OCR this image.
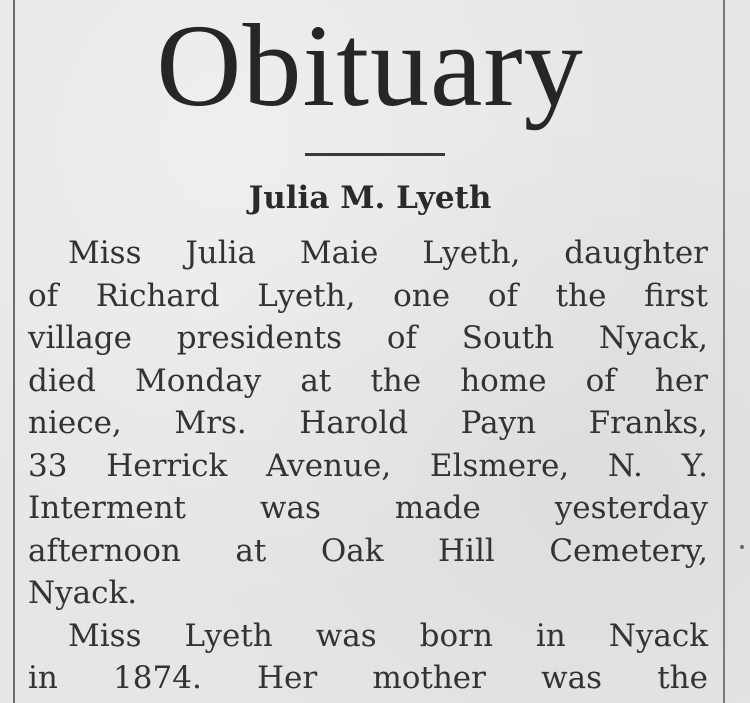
Obituary
Julia M. Lyeth
Miss Julia Maie Lyeth, daughter
of Richard Lyeth, one of the first
village presidents of South Nyack,
died Monday at the home of her
niece, Mrs. Harold Payn Franks,
33 Herrick Avenue, Elsmere, N. Y.
Interment was made yesterday
afternoon at Oak Hill Cemetery,
Nyack.
Miss Lyeth was born in Nyack
in 1874. Her mother was the
